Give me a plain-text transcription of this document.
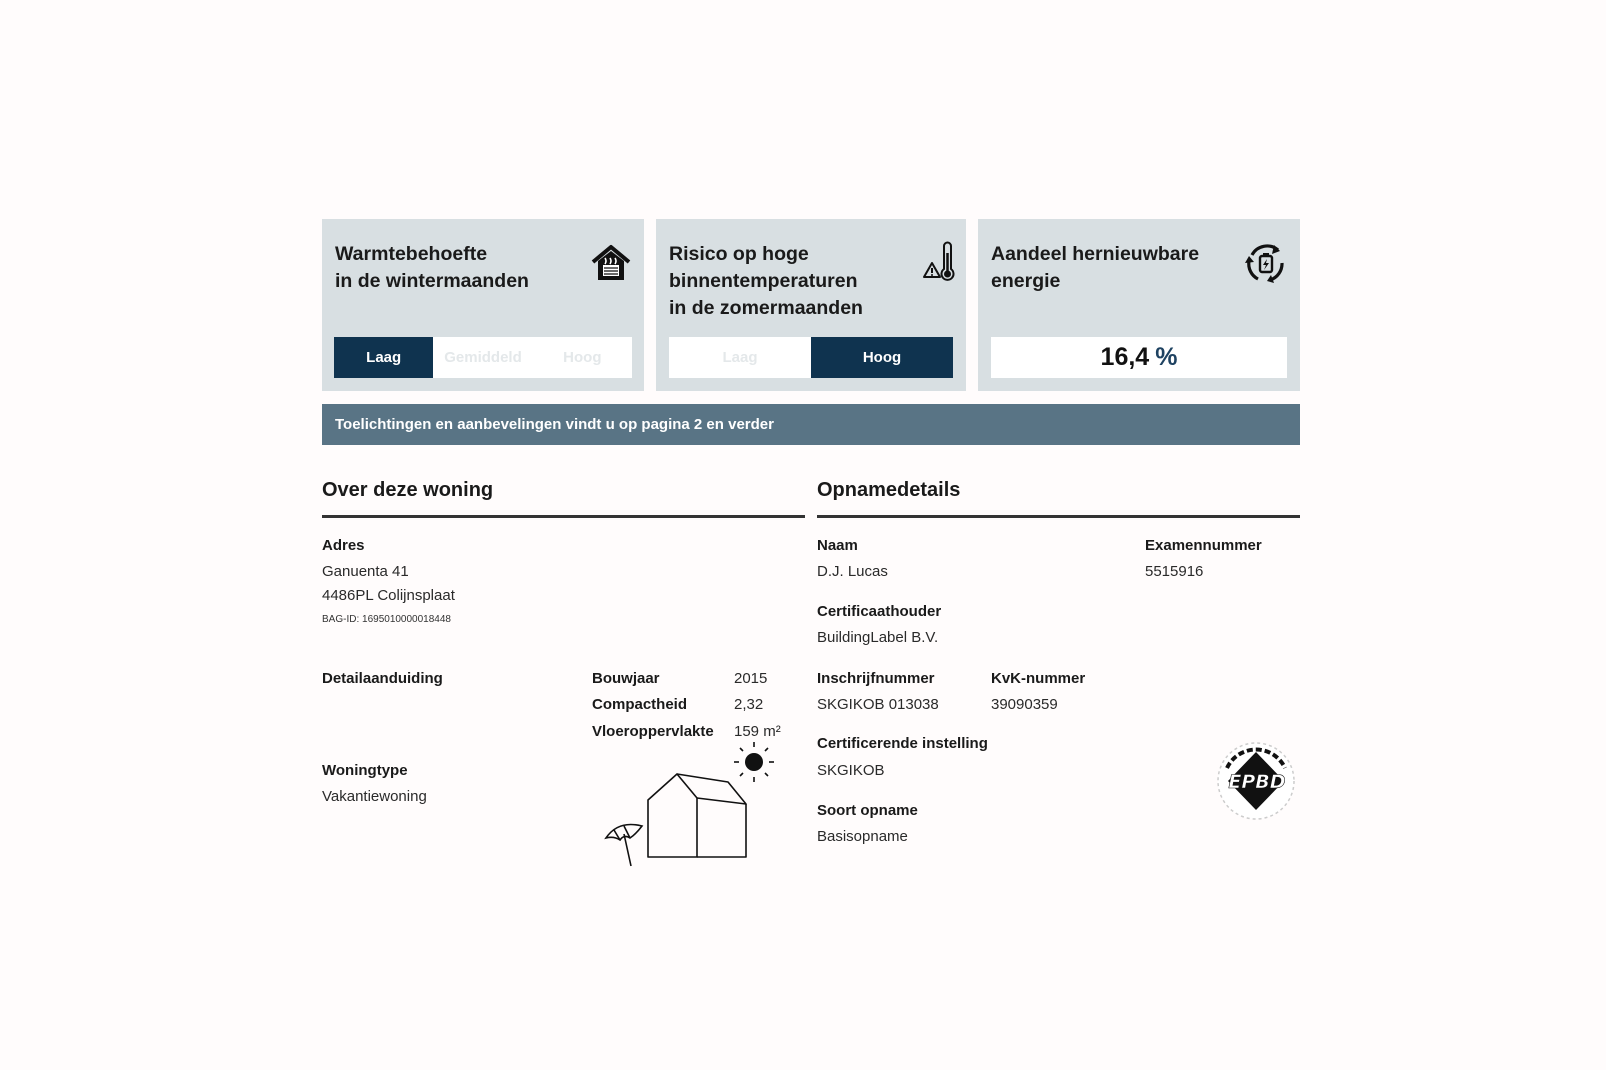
Warmtebehoefte
in de wintermaanden
Laag	Gemiddeld	Hoog
Risico op hoge
binnentemperaturen
in de zomermaanden
Laag	Hoog
Aandeel hernieuwbare
energie
16,4 %
Toelichtingen en aanbevelingen vindt u op pagina 2 en verder
Over deze woning
Adres
Ganuenta 41
4486PL Colijnsplaat
BAG-ID: 1695010000018448
Detailaanduiding	Bouwjaar	2015
Compactheid	2,32
Vloeroppervlakte 159 m²
Woningtype
Vakantiewoning
Opnamedetails
Naam
D.J. Lucas
Examennummer
5515916
Certificaathouder
BuildingLabel B.V.
Inschrijfnummer
SKGIKOB 013038
KvK-nummer
39090359
Certificerende instelling
SKGIKOB
Soort opname
Basisopname
EPBD
